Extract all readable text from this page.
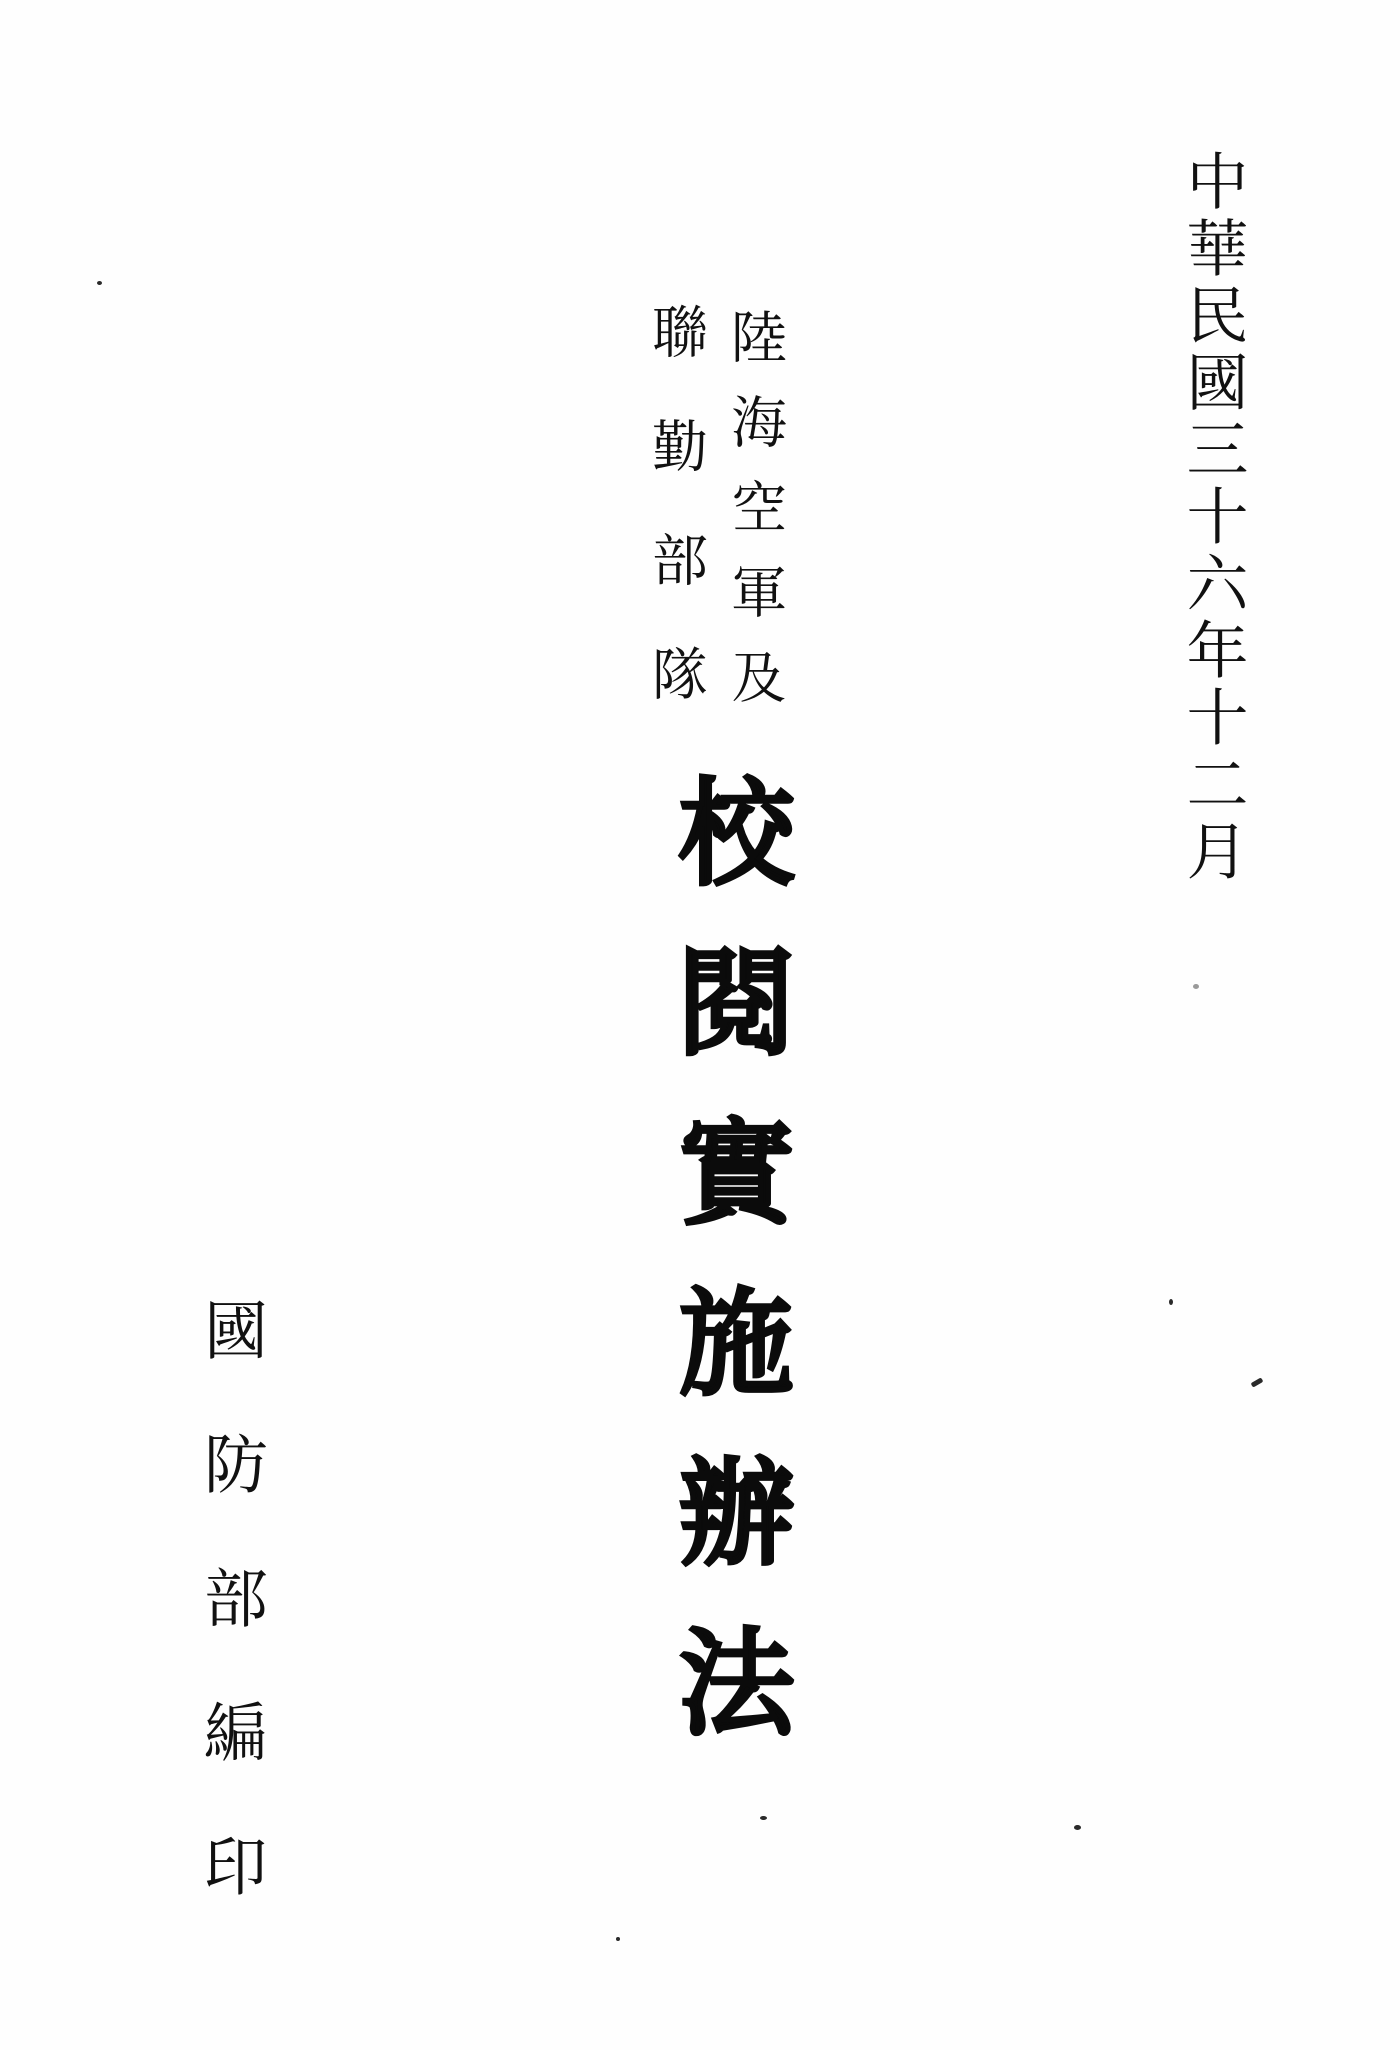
中華民國三十六年十二月
陸海空軍及
聯勤部隊
校閱實施辦法
國防部編印
